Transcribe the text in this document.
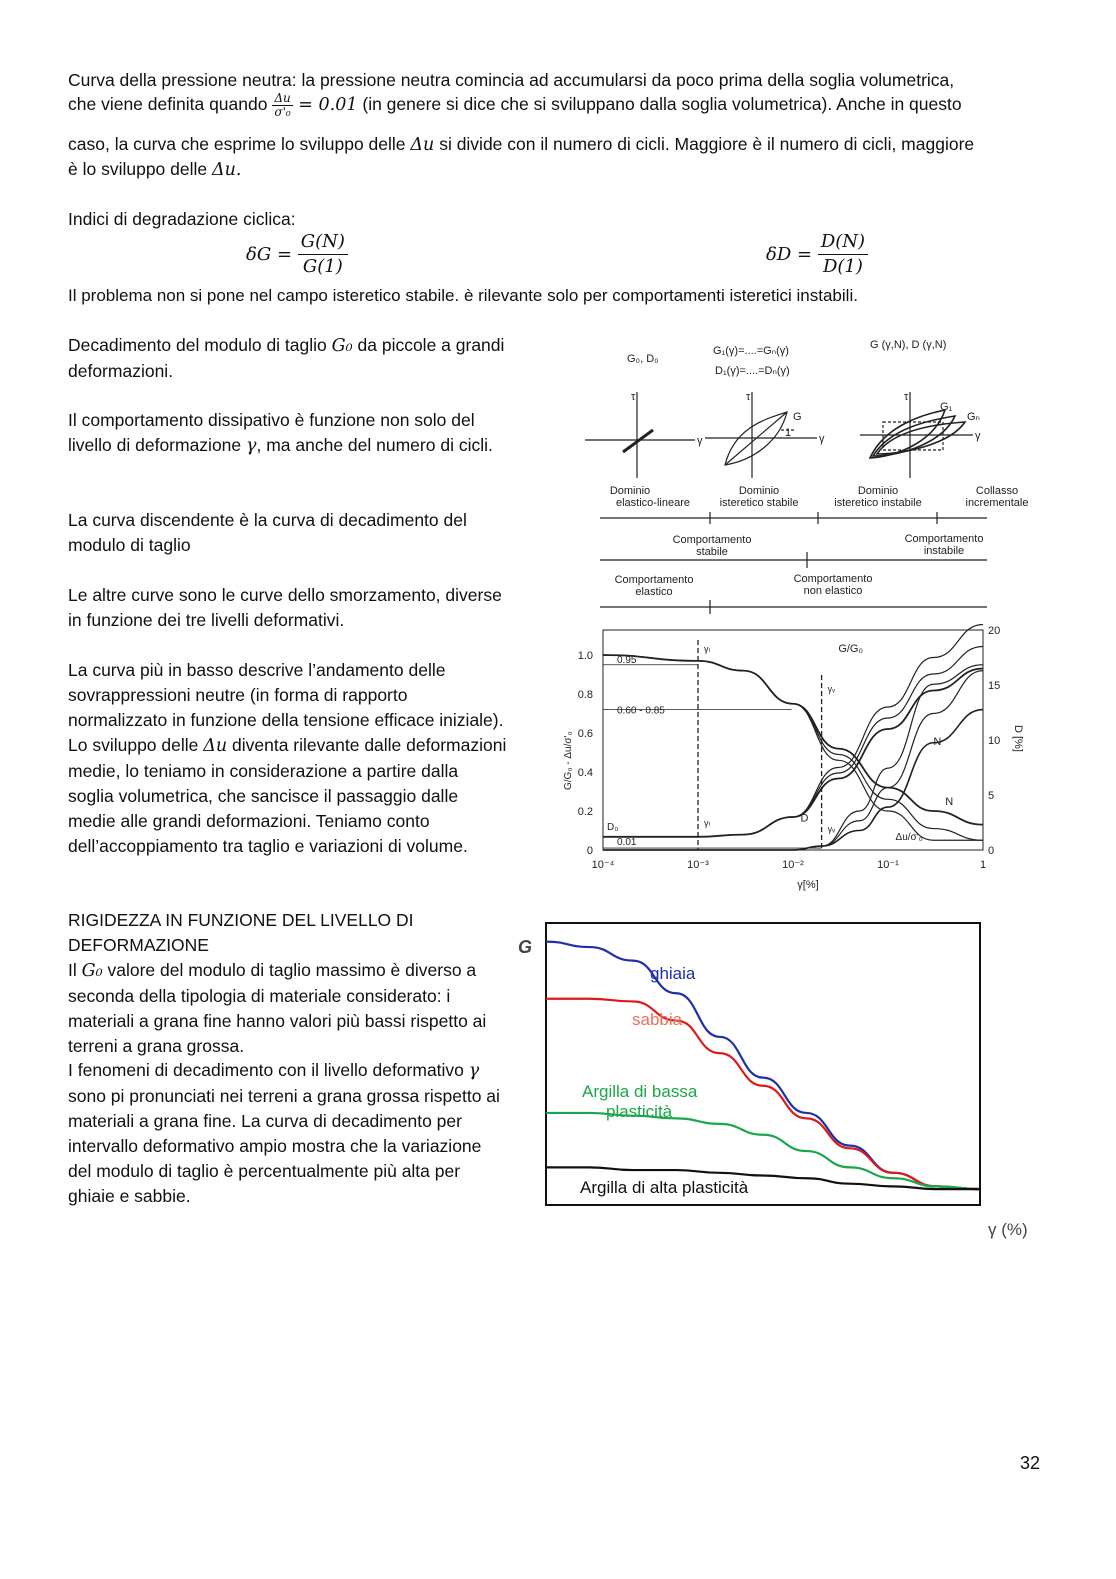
Curva della pressione neutra: la pressione neutra comincia ad accumularsi da poco prima della soglia volumetrica,

che viene definita quando $\frac{\Delta u}{\text{σ'₀}} = 0.01$ (in genere si dice che si sviluppano dalla soglia volumetrica). Anche in questo

caso, la curva che esprime lo sviluppo delle Δu si divide con il numero di cicli. Maggiore è il numero di cicli, maggiore

è lo sviluppo delle Δu.

Indici di degradazione ciclica:

$\delta G = \frac{G(N)}{G(1)}$	$\delta D = \frac{D(N)}{D(1)}$

Il problema non si pone nel campo isteretico stabile. è rilevante solo per comportamenti isteretici instabili.

Decadimento del modulo di taglio G₀ da piccole a grandi deformazioni.

Il comportamento dissipativo è funzione non solo del livello di deformazione γ, ma anche del numero di cicli.

La curva discendente è la curva di decadimento del modulo di taglio

Le altre curve sono le curve dello smorzamento, diverse in funzione dei tre livelli deformativi.

La curva più in basso descrive l’andamento delle sovrappressioni neutre (in forma di rapporto normalizzato in funzione della tensione efficace iniziale). Lo sviluppo delle Δu diventa rilevante dalle deformazioni medie, lo teniamo in considerazione a partire dalla soglia volumetrica, che sancisce il passaggio dalle medie alle grandi deformazioni. Teniamo conto dell’accoppiamento tra taglio e variazioni di volume.

RIGIDEZZA IN FUNZIONE DEL LIVELLO DI DEFORMAZIONE

Il G₀ valore del modulo di taglio massimo è diverso a seconda della tipologia di materiale considerato: i materiali a grana fine hanno valori più bassi rispetto ai terreni a grana grossa.

I fenomeni di decadimento con il livello deformativo γ sono pi pronunciati nei terreni a grana grossa rispetto ai materiali a grana fine. La curva di decadimento per intervallo deformativo ampio mostra che la variazione del modulo di taglio è percentualmente più alta per ghiaie e sabbie.

G₀, D₀
G₁(γ)=....=Gₙ(γ)
D₁(γ)=....=Dₙ(γ)
G (γ,N), D (γ,N)
τ
γ
G
1
τ
γ
G₁
Gₙ
τ
γ
Dominio
elastico-lineare
Dominio
isteretico stabile
Dominio
isteretico instabile
Collasso
incrementale
Comportamento
stabile
Comportamento
instabile
Comportamento
elastico
Comportamento
non elastico
0
0.2
0.4
0.6
0.8
1.0
0
5
10
15
20
10⁻⁴	10⁻³	10⁻²	10⁻¹	1
γ[%]
G/G₀ - Δu/σ'₀	D [%]
0.95
0.60 - 0.85
0.01
D₀
γₗ
γₗ
γᵥ
γᵥ
G/G₀
D
N
N
Δu/σ'₀
G
γ (%)
ghiaia
sabbia
Argilla di bassa
plasticità
Argilla di alta plasticità
32
